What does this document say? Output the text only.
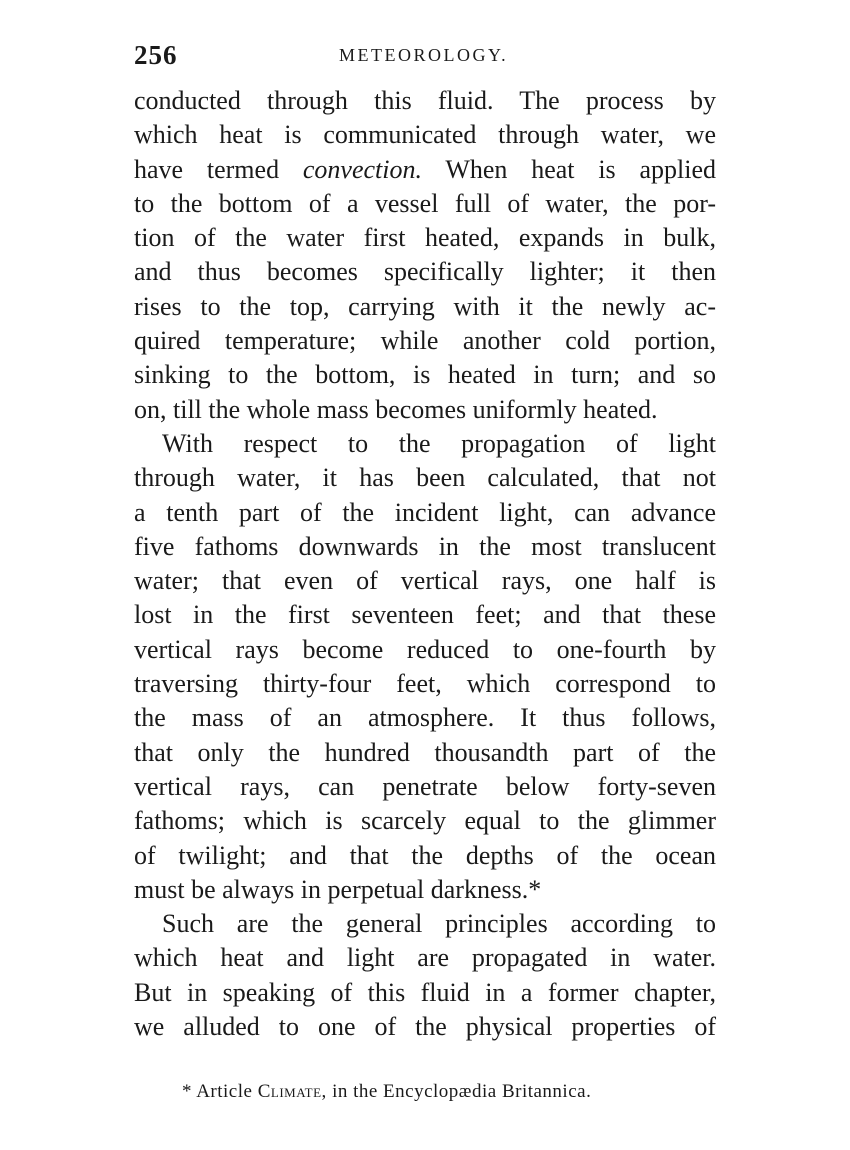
256	METEOROLOGY.
conducted through this fluid. The process by
which heat is communicated through water, we
have termed convection. When heat is applied
to the bottom of a vessel full of water, the por-
tion of the water first heated, expands in bulk,
and thus becomes specifically lighter; it then
rises to the top, carrying with it the newly ac-
quired temperature; while another cold portion,
sinking to the bottom, is heated in turn; and so
on, till the whole mass becomes uniformly heated.
With respect to the propagation of light
through water, it has been calculated, that not
a tenth part of the incident light, can advance
five fathoms downwards in the most translucent
water; that even of vertical rays, one half is
lost in the first seventeen feet; and that these
vertical rays become reduced to one-fourth by
traversing thirty-four feet, which correspond to
the mass of an atmosphere. It thus follows,
that only the hundred thousandth part of the
vertical rays, can penetrate below forty-seven
fathoms; which is scarcely equal to the glimmer
of twilight; and that the depths of the ocean
must be always in perpetual darkness.*
Such are the general principles according to
which heat and light are propagated in water.
But in speaking of this fluid in a former chapter,
we alluded to one of the physical properties of
* Article Climate, in the Encyclopædia Britannica.
